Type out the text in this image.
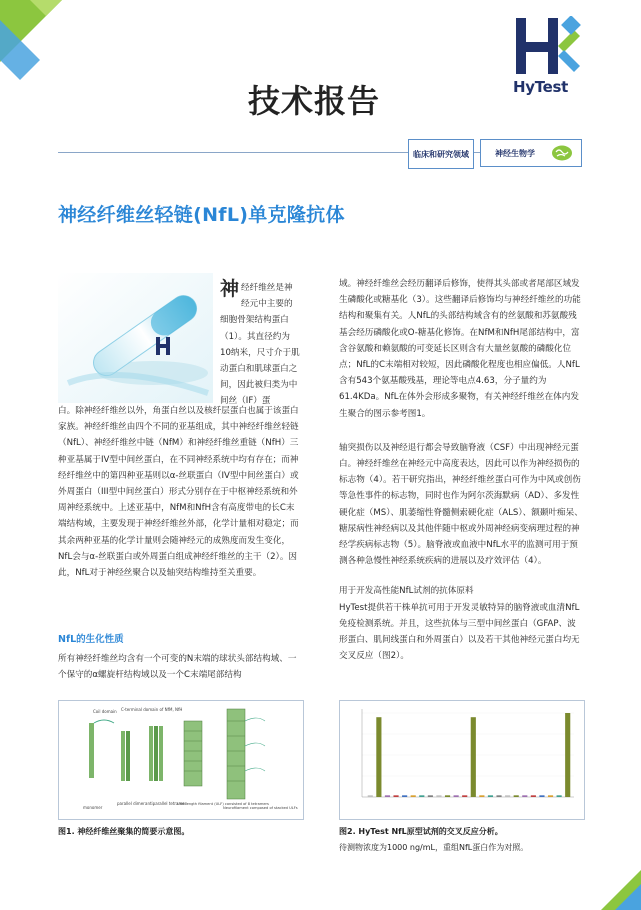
HyTest
技术报告
临床和研究领域	神经生物学
神经纤维丝轻链(NfL)单克隆抗体
神经纤维丝是神经元中主要的细胞骨架结构蛋白（1）。其直径约为10纳米，尺寸介于肌动蛋白和肌球蛋白之间，因此被归类为中间丝（IF）蛋
白。除神经纤维丝以外，角蛋白丝以及核纤层蛋白也属于该蛋白家族。神经纤维丝由四个不同的亚基组成，其中神经纤维丝轻链（NfL）、神经纤维丝中链（NfM）和神经纤维丝重链（NfH）三种亚基属于IV型中间丝蛋白，在不同神经系统中均有存在；而神经纤维丝中的第四种亚基则以α-丝联蛋白（IV型中间丝蛋白）或外周蛋白（III型中间丝蛋白）形式分别存在于中枢神经系统和外周神经系统中。上述亚基中，NfM和NfH含有高度带电的长C末端结构域，主要发现于神经纤维丝外部，化学计量相对稳定；而其余两种亚基的化学计量则会随神经元的成熟度而发生变化，NfL会与α-丝联蛋白或外周蛋白组成神经纤维丝的主干（2）。因此，NfL对于神经丝聚合以及轴突结构维持至关重要。
NfL的生化性质
所有神经纤维丝均含有一个可变的N末端的球状头部结构域、一个保守的α螺旋杆结构域以及一个C末端尾部结构

域。神经纤维丝会经历翻译后修饰，使得其头部或者尾部区域发生磷酸化或糖基化（3）。这些翻译后修饰均与神经纤维丝的功能结构和聚集有关。人NfL的头部结构域含有的丝氨酸和苏氨酸残基会经历磷酸化或O-糖基化修饰。在NfM和NfH尾部结构中，富含谷氨酸和赖氨酸的可变延长区则含有大量丝氨酸的磷酸化位点；NfL的C末端相对较短，因此磷酸化程度也相应偏低。人NfL含有543个氨基酸残基，理论等电点4.63，分子量约为61.4KDa。NfL在体外会形成多聚物，有关神经纤维丝在体内发生聚合的图示参考图1。

轴突损伤以及神经退行都会导致脑脊液（CSF）中出现神经元蛋白。神经纤维丝在神经元中高度表达，因此可以作为神经损伤的标志物（4）。若干研究指出，神经纤维丝蛋白可作为中风或创伤等急性事件的标志物，同时也作为阿尔茨海默病（AD）、多发性硬化症（MS）、肌萎缩性脊髓侧索硬化症（ALS）、额颞叶痴呆、糖尿病性神经病以及其他伴随中枢或外周神经病变病理过程的神经学疾病标志物（5）。脑脊液或血液中NfL水平的监测可用于预测各种急慢性神经系统疾病的进展以及疗效评估（4）。

用于开发高性能NfL试剂的抗体原料

HyTest提供若干株单抗可用于开发灵敏特异的脑脊液或血清NfL免疫检测系统。并且，这些抗体与三型中间丝蛋白（GFAP、波形蛋白、肌间线蛋白和外周蛋白）以及若干其他神经元蛋白均无交叉反应（图2）。

Coil domain C-terminal domain of NfM, NfH
monomer
parallel dimer antiparallel tetramer
Unit-length filament (ULF) consisted of 8 tetramers
Neurofilament composed of stacked ULFs
图1. 神经纤维丝聚集的简要示意图。	图2. HyTest NfL原型试剂的交叉反应分析。
待测物浓度为1000 ng/mL，重组NfL蛋白作为对照。
